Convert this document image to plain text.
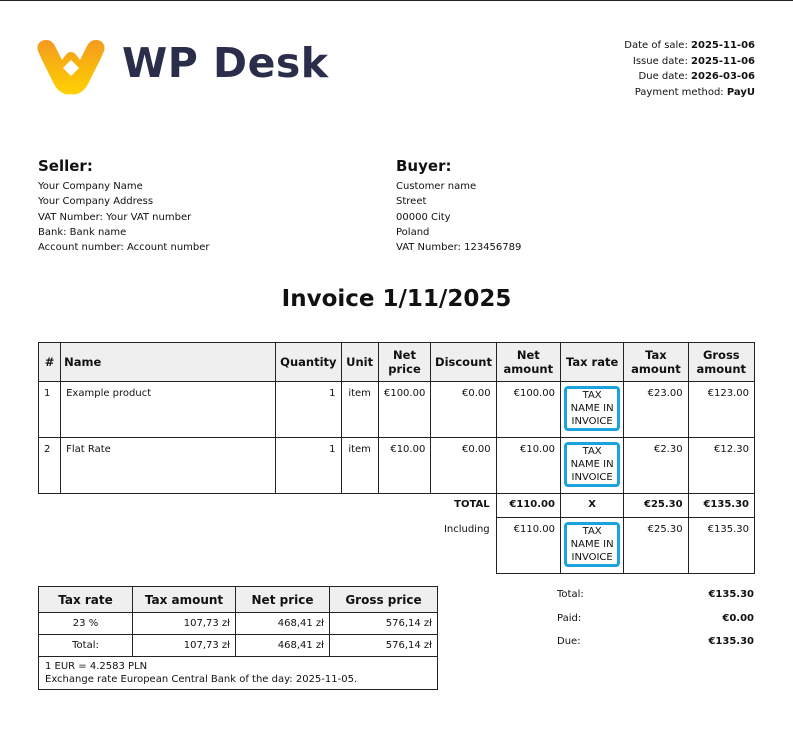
WP Desk	Date of sale: 2025-11-06
Issue date: 2025-11-06
Due date: 2026-03-06
Payment method: PayU
Seller:
Your Company Name
Your Company Address
VAT Number: Your VAT number
Bank: Bank name
Account number: Account number
Buyer:
Customer name
Street
00000 City
Poland
VAT Number: 123456789
Invoice 1/11/2025
#	Name	Quantity	Unit	Net price	Discount	Net amount	Tax rate	Tax amount	Gross amount
1	Example product	1	item	€100.00	€0.00	€100.00	TAX NAME IN INVOICE	€23.00	€123.00
2	Flat Rate	1	item	€10.00	€0.00	€10.00	TAX NAME IN INVOICE	€2.30	€12.30
TOTAL						€110.00	X	€25.30	€135.30
Including						€110.00	TAX NAME IN INVOICE	€25.30	€135.30
Tax rate	Tax amount	Net price	Gross price
23 %	107,73 zł	468,41 zł	576,14 zł
Total:	107,73 zł	468,41 zł	576,14 zł

1 EUR = 4.2583 PLN
Exchange rate European Central Bank of the day: 2025-11-05.			
Total:	€135.30
Paid:	€0.00
Due:	€135.30
